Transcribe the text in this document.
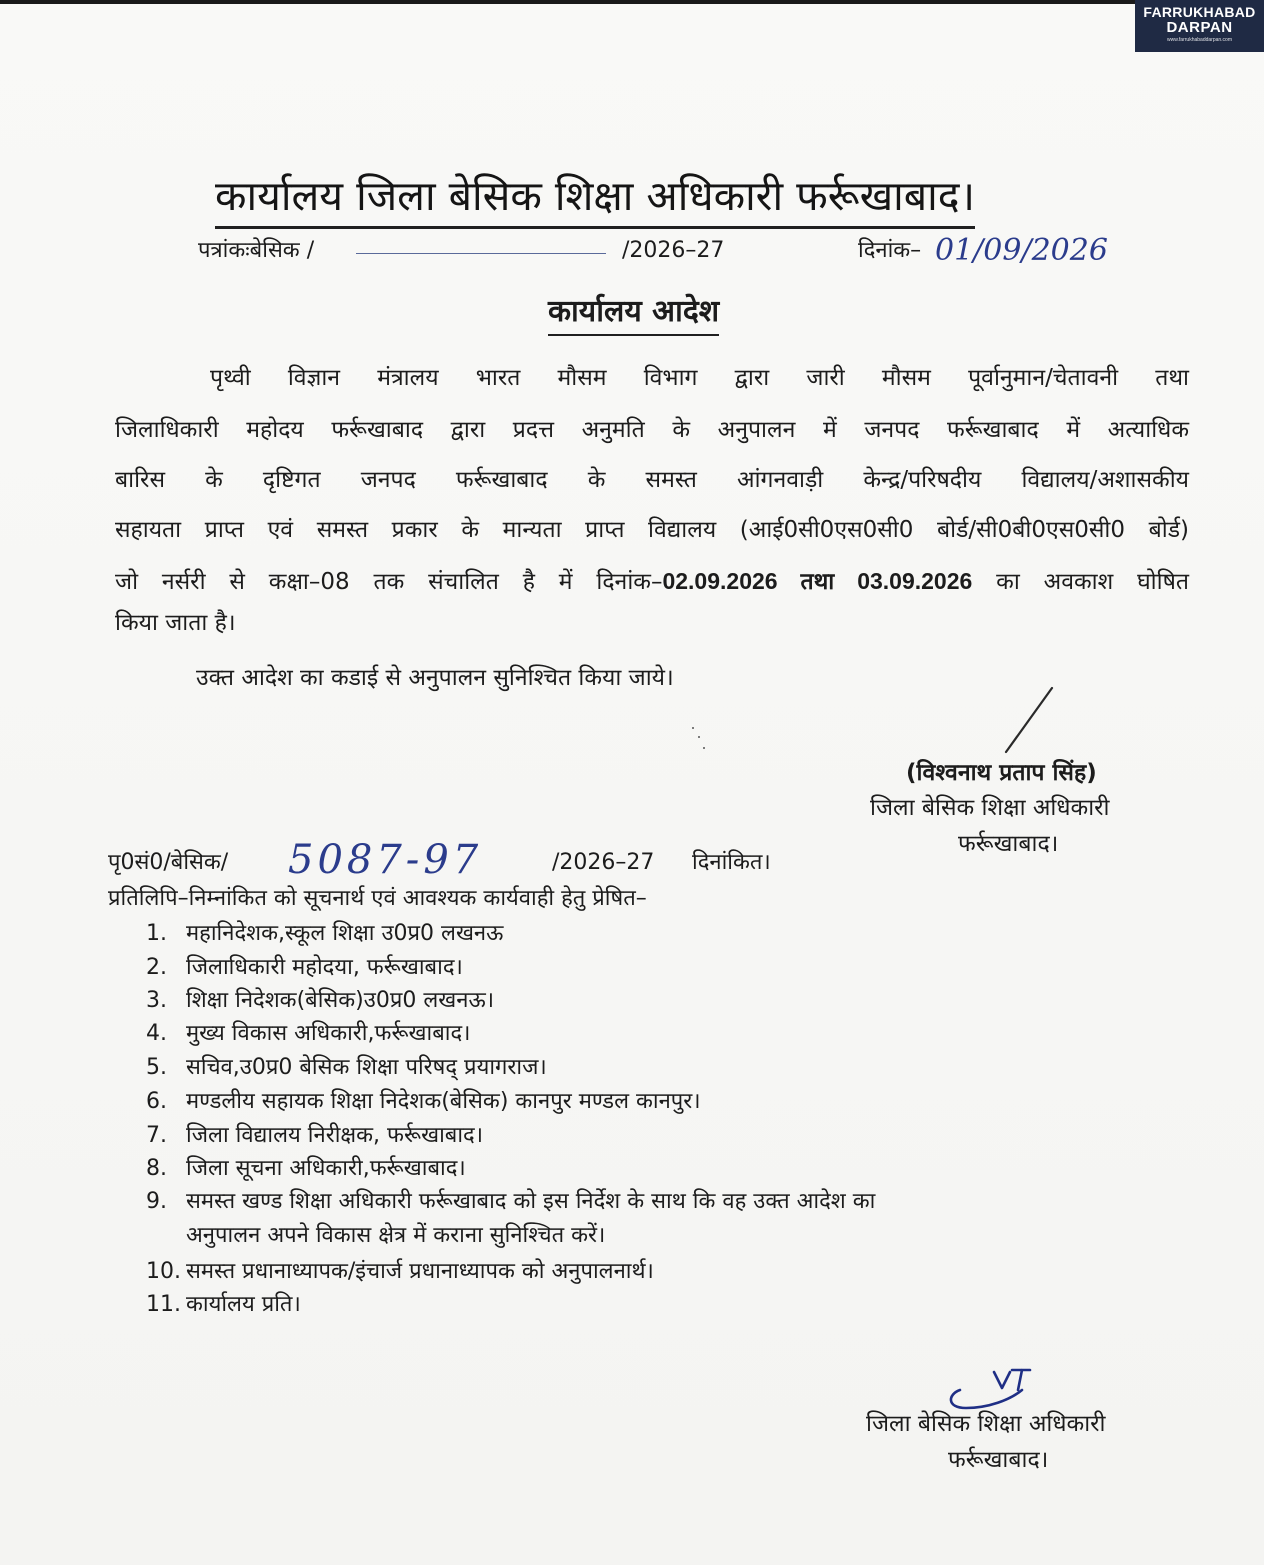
FARRUKHABAD
DARPAN
www.farrukhabaddarpan.com
कार्यालय जिला बेसिक शिक्षा अधिकारी फर्रूखाबाद।
पत्रांकःबेसिक /	/2026–27	दिनांक– 01/09/2026
कार्यालय आदेश
पृथ्वी विज्ञान मंत्रालय भारत मौसम विभाग द्वारा जारी मौसम पूर्वानुमान/चेतावनी तथा
जिलाधिकारी महोदय फर्रूखाबाद द्वारा प्रदत्त अनुमति के अनुपालन में जनपद फर्रूखाबाद में अत्याधिक
बारिस के दृष्टिगत जनपद फर्रूखाबाद के समस्त आंगनवाड़ी केन्द्र/परिषदीय विद्यालय/अशासकीय
सहायता प्राप्त एवं समस्त प्रकार के मान्यता प्राप्त विद्यालय (आई0सी0एस0सी0 बोर्ड/सी0बी0एस0सी0 बोर्ड)
जो नर्सरी से कक्षा–08 तक संचालित है में दिनांक–02.09.2026 तथा 03.09.2026 का अवकाश घोषित
किया जाता है।
उक्त आदेश का कडाई से अनुपालन सुनिश्चित किया जाये।
(विश्वनाथ प्रताप सिंह)
जिला बेसिक शिक्षा अधिकारी
फर्रूखाबाद।
पृ0सं0/बेसिक/ 5087-97	/2026–27 दिनांकित।
प्रतिलिपि–निम्नांकित को सूचनार्थ एवं आवश्यक कार्यवाही हेतु प्रेषित–
1. महानिदेशक,स्कूल शिक्षा उ0प्र0 लखनऊ
2. जिलाधिकारी महोदया, फर्रूखाबाद।
3. शिक्षा निदेशक(बेसिक)उ0प्र0 लखनऊ।
4. मुख्य विकास अधिकारी,फर्रूखाबाद।
5. सचिव,उ0प्र0 बेसिक शिक्षा परिषद् प्रयागराज।
6. मण्डलीय सहायक शिक्षा निदेशक(बेसिक) कानपुर मण्डल कानपुर।
7. जिला विद्यालय निरीक्षक, फर्रूखाबाद।
8. जिला सूचना अधिकारी,फर्रूखाबाद।
9. समस्त खण्ड शिक्षा अधिकारी फर्रूखाबाद को इस निर्देश के साथ कि वह उक्त आदेश का
अनुपालन अपने विकास क्षेत्र में कराना सुनिश्चित करें।
10. समस्त प्रधानाध्यापक/इंचार्ज प्रधानाध्यापक को अनुपालनार्थ।
11. कार्यालय प्रति।
जिला बेसिक शिक्षा अधिकारी
फर्रूखाबाद।
